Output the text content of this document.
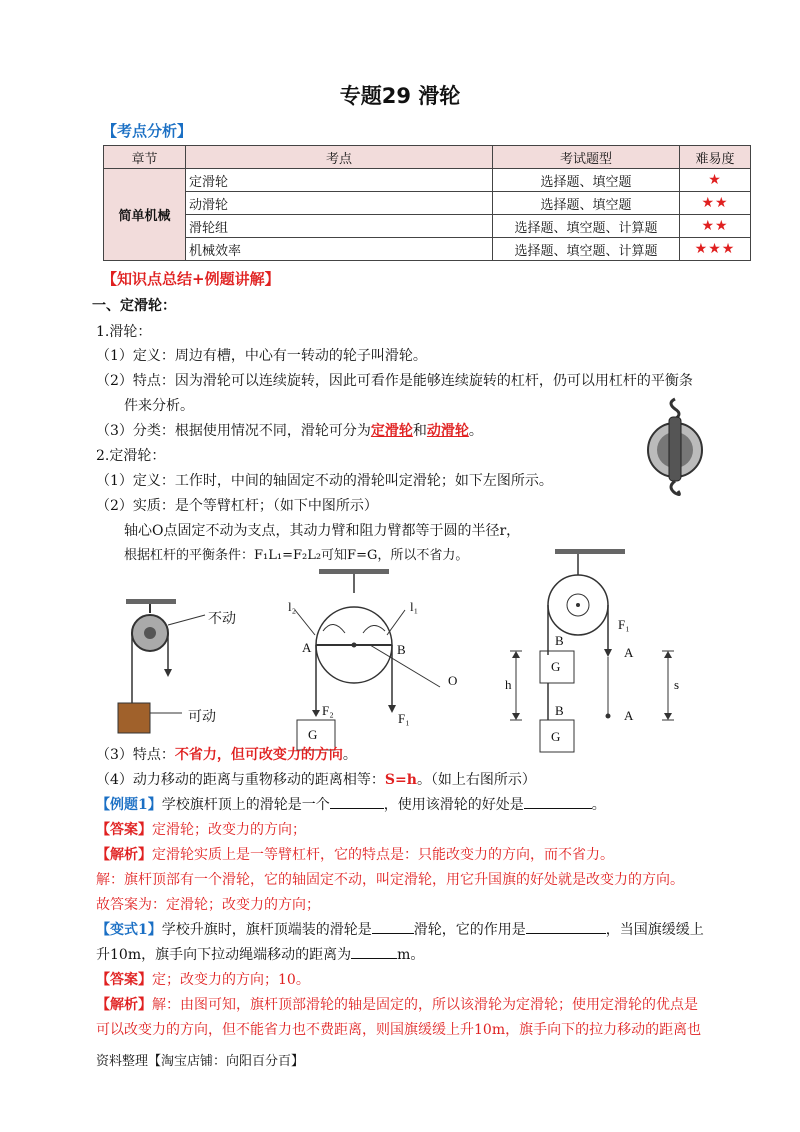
专题29 滑轮
【考点分析】
章节	考点	考试题型	难易度
简单机械	定滑轮	选择题、填空题	★
	动滑轮	选择题、填空题	★★
	滑轮组	选择题、填空题、计算题	★★
	机械效率	选择题、填空题、计算题	★★★
【知识点总结+例题讲解】
一、定滑轮：
1.滑轮：
（1）定义：周边有槽，中心有一转动的轮子叫滑轮。
（2）特点：因为滑轮可以连续旋转，因此可看作是能够连续旋转的杠杆，仍可以用杠杆的平衡条
件来分析。
（3）分类：根据使用情况不同，滑轮可分为定滑轮和动滑轮。
2.定滑轮：
（1）定义：工作时，中间的轴固定不动的滑轮叫定滑轮；如下左图所示。
（2）实质：是个等臂杠杆；（如下中图所示）
轴心O点固定不动为支点，其动力臂和阻力臂都等于圆的半径r，
根据杠杆的平衡条件：F₁L₁=F₂L₂可知F=G，所以不省力。
不动
可动
l₂	l₁
A	B
O
F₂
F₁
G
B
B
G
G
F₁
A
A
h	s
（3）特点：不省力，但可改变力的方向。
（4）动力移动的距离与重物移动的距离相等：S=h。（如上右图所示）
【例题1】学校旗杆顶上的滑轮是一个	，使用该滑轮的好处是	。
【答案】定滑轮；改变力的方向；
【解析】定滑轮实质上是一等臂杠杆，它的特点是：只能改变力的方向，而不省力。
解：旗杆顶部有一个滑轮，它的轴固定不动，叫定滑轮，用它升国旗的好处就是改变力的方向。
故答案为：定滑轮；改变力的方向；
【变式1】学校升旗时，旗杆顶端装的滑轮是	滑轮，它的作用是	，当国旗缓缓上
升10m，旗手向下拉动绳端移动的距离为	m。
【答案】定；改变力的方向；10。
【解析】解：由图可知，旗杆顶部滑轮的轴是固定的，所以该滑轮为定滑轮；使用定滑轮的优点是
可以改变力的方向，但不能省力也不费距离，则国旗缓缓上升10m，旗手向下的拉力移动的距离也
资料整理【淘宝店铺：向阳百分百】
